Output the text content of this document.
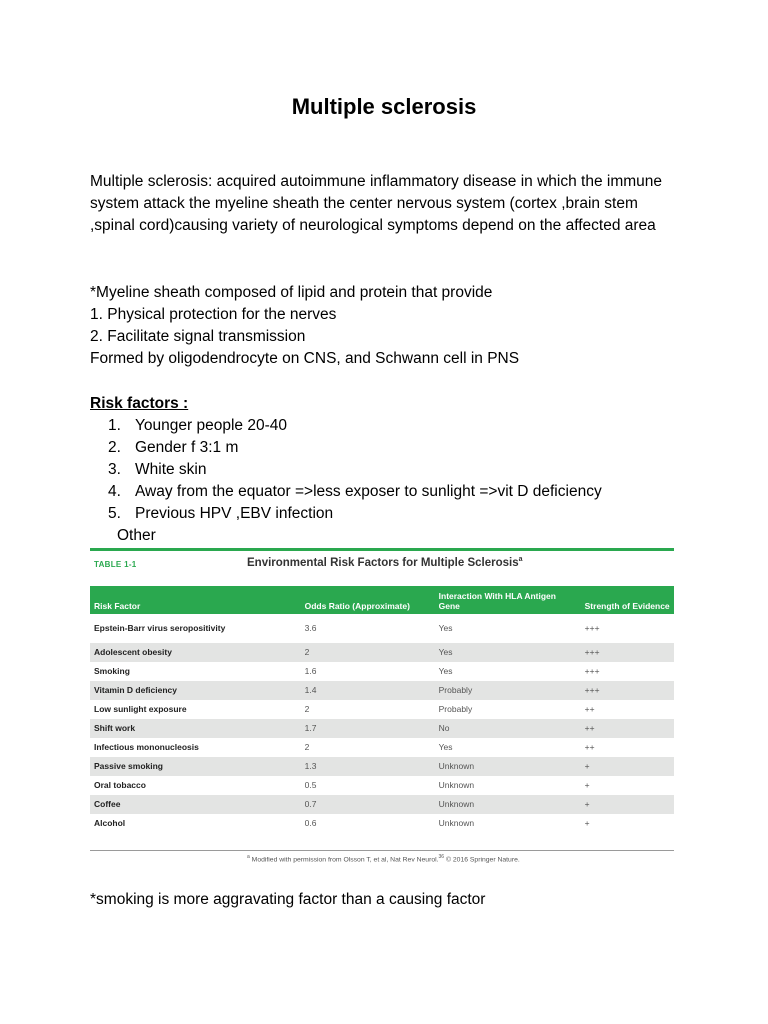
Multiple sclerosis

Multiple sclerosis: acquired autoimmune inflammatory disease in which the immune system attack the myeline sheath the center nervous system (cortex ,brain stem ,spinal cord)causing variety of neurological symptoms depend on the affected area

*Myeline sheath composed of lipid and protein that provide
1. Physical protection for the nerves
2. Facilitate signal transmission
Formed by oligodendrocyte on CNS, and Schwann cell in PNS
Risk factors :
1. Younger people 20-40
2. Gender f 3:1 m
3. White skin
4. Away from the equator =>less exposer to sunlight =>vit D deficiency
5. Previous HPV ,EBV infection
Other
TABLE 1-1	Environmental Risk Factors for Multiple Sclerosis$^a$
Risk Factor		Odds Ratio (Approximate)	Interaction With HLA Antigen Gene	Strength of Evidence
Epstein-Barr virus seropositivity		3.6	Yes	+++
Adolescent obesity		2	Yes	+++
Smoking		1.6	Yes	+++
Vitamin D deficiency		1.4	Probably	+++
Low sunlight exposure		2	Probably	++
Shift work		1.7	No	++
Infectious mononucleosis		2	Yes	++
Passive smoking		1.3	Unknown	+
Oral tobacco		0.5	Unknown	+
Coffee		0.7	Unknown	+
Alcohol		0.6	Unknown	+
$^a$ Modified with permission from Olsson T, et al, Nat Rev Neurol.$^{36}$ © 2016 Springer Nature.
*smoking is more aggravating factor than a causing factor
